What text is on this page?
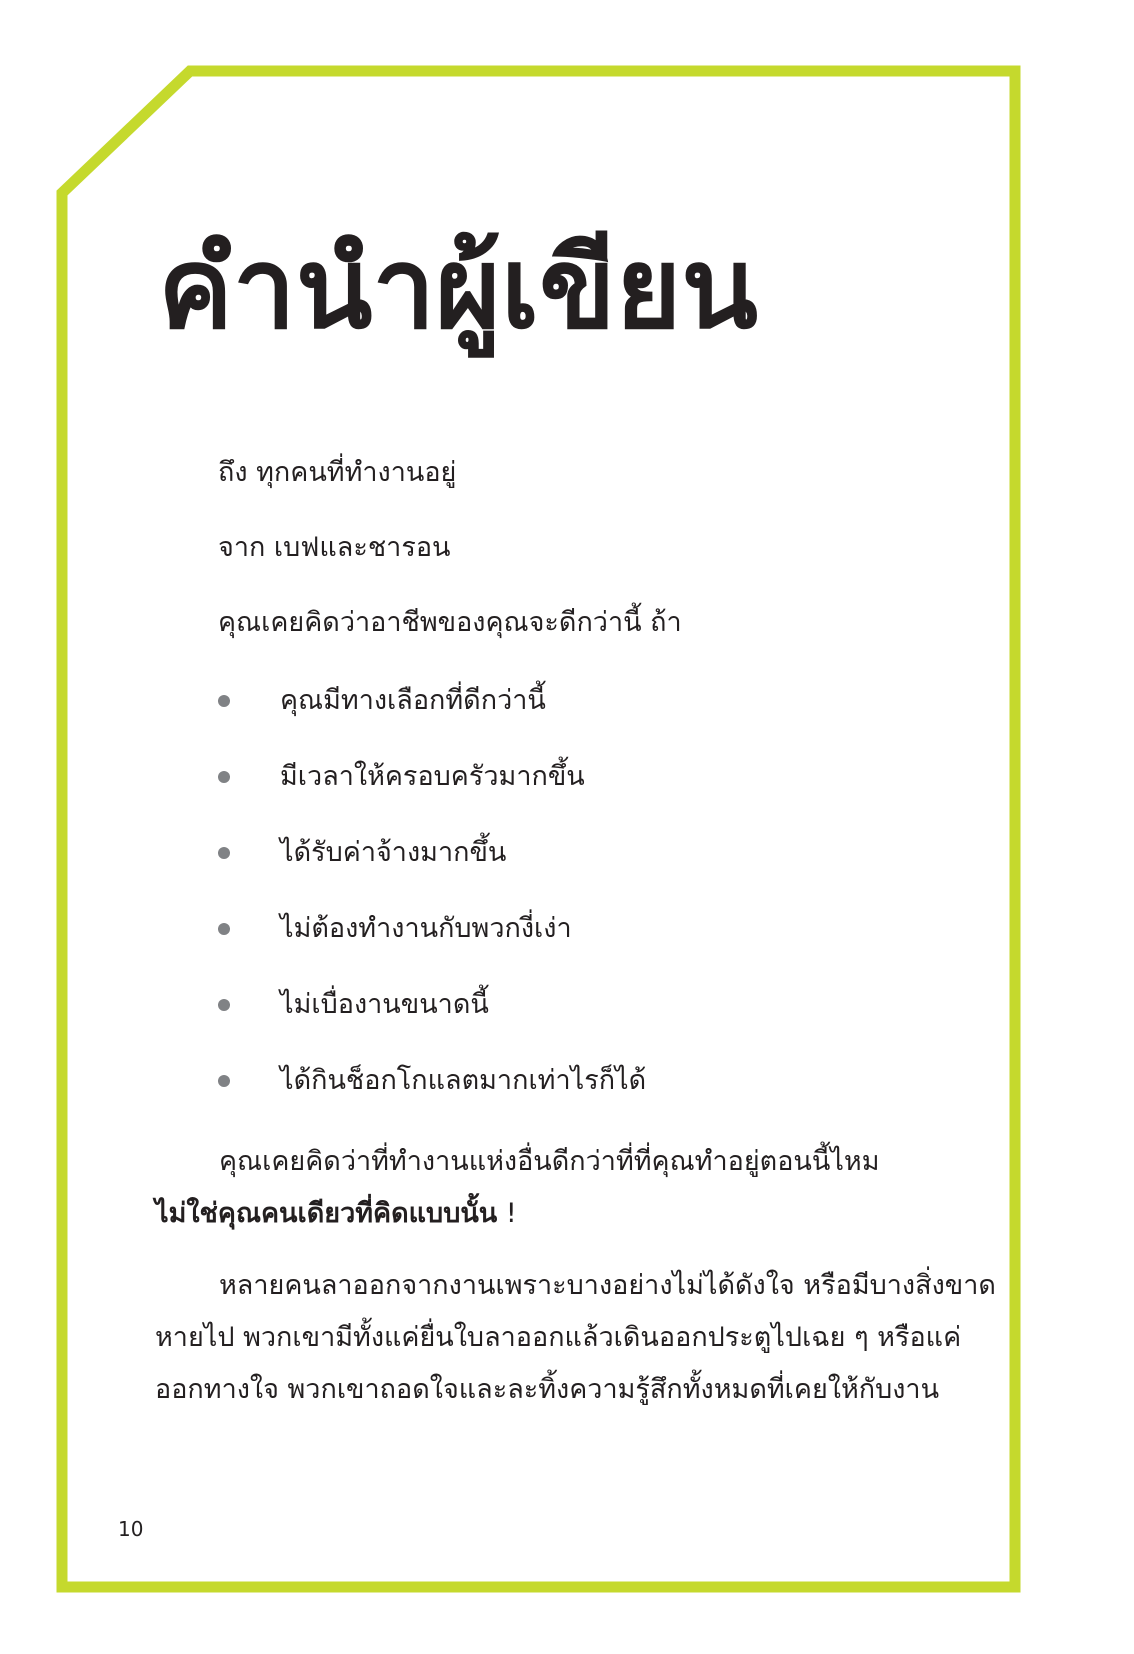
คำนำผู้เขียน
ถึง ทุกคนที่ทำงานอยู่
จาก เบฟและชารอน
คุณเคยคิดว่าอาชีพของคุณจะดีกว่านี้ ถ้า
คุณมีทางเลือกที่ดีกว่านี้
มีเวลาให้ครอบครัวมากขึ้น
ได้รับค่าจ้างมากขึ้น
ไม่ต้องทำงานกับพวกงี่เง่า
ไม่เบื่องานขนาดนี้
ได้กินช็อกโกแลตมากเท่าไรก็ได้
คุณเคยคิดว่าที่ทำงานแห่งอื่นดีกว่าที่ที่คุณทำอยู่ตอนนี้ไหม
ไม่ใช่คุณคนเดียวที่คิดแบบนั้น !
หลายคนลาออกจากงานเพราะบางอย่างไม่ได้ดังใจ หรือมีบางสิ่งขาด
หายไป พวกเขามีทั้งแค่ยื่นใบลาออกแล้วเดินออกประตูไปเฉย ๆ หรือแค่
ออกทางใจ พวกเขาถอดใจและละทิ้งความรู้สึกทั้งหมดที่เคยให้กับงาน
10
